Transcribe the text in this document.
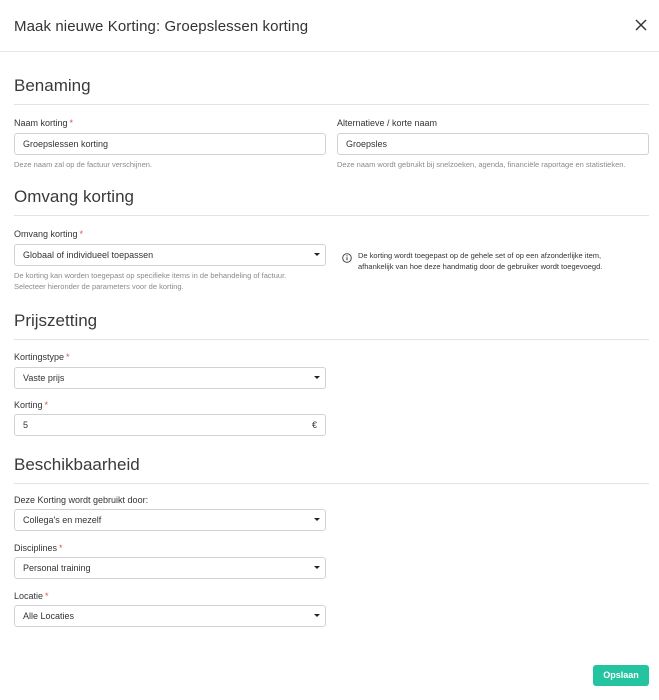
Maak nieuwe Korting: Groepslessen korting
Benaming
Naam korting *
Groepslessen korting
Deze naam zal op de factuur verschijnen.
Alternatieve / korte naam
Groepsles
Deze naam wordt gebruikt bij snelzoeken, agenda, financiële raportage en statistieken.
Omvang korting
Omvang korting *
Globaal of individueel toepassen
De korting kan worden toegepast op specifieke items in de behandeling of factuur.
Selecteer hieronder de parameters voor de korting.
De korting wordt toegepast op de gehele set of op een afzonderlijke item,
afhankelijk van hoe deze handmatig door de gebruiker wordt toegevoegd.
Prijszetting
Kortingstype *
Vaste prijs
Korting *
5	€
Beschikbaarheid
Deze Korting wordt gebruikt door:
Collega's en mezelf
Disciplines *
Personal training
Locatie *
Alle Locaties
Opslaan
